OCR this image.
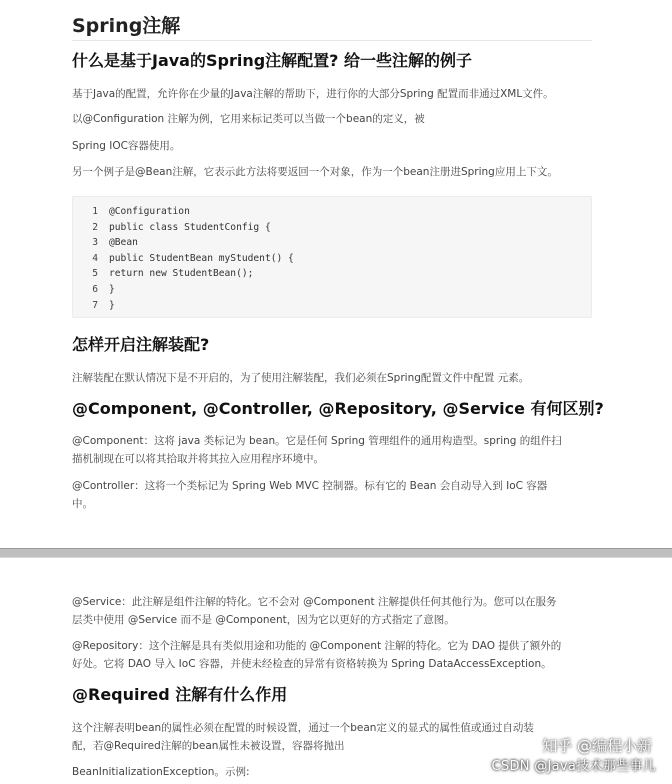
Spring注解
什么是基于Java的Spring注解配置? 给一些注解的例子
基于Java的配置，允许你在少量的Java注解的帮助下，进行你的大部分Spring 配置而非通过XML文件。
以@Configuration 注解为例，它用来标记类可以当做一个bean的定义，被
Spring IOC容器使用。
另一个例子是@Bean注解，它表示此方法将要返回一个对象，作为一个bean注册进Spring应用上下文。
1	@Configuration
2	public class StudentConfig {
3	@Bean
4	public StudentBean myStudent() {
5	return new StudentBean();
6	}
7	}
怎样开启注解装配?
注解装配在默认情况下是不开启的，为了使用注解装配，我们必须在Spring配置文件中配置 元素。
@Component, @Controller, @Repository, @Service 有何区别?
@Component：这将 java 类标记为 bean。它是任何 Spring 管理组件的通用构造型。spring 的组件扫
描机制现在可以将其拾取并将其拉入应用程序环境中。
@Controller：这将一个类标记为 Spring Web MVC 控制器。标有它的 Bean 会自动导入到 IoC 容器
中。
@Service：此注解是组件注解的特化。它不会对 @Component 注解提供任何其他行为。您可以在服务
层类中使用 @Service 而不是 @Component，因为它以更好的方式指定了意图。
@Repository：这个注解是具有类似用途和功能的 @Component 注解的特化。它为 DAO 提供了额外的
好处。它将 DAO 导入 IoC 容器，并使未经检查的异常有资格转换为 Spring DataAccessException。
@Required 注解有什么作用
这个注解表明bean的属性必须在配置的时候设置，通过一个bean定义的显式的属性值或通过自动装
配，若@Required注解的bean属性未被设置，容器将抛出
BeanInitializationException。示例:
知乎 @编程小新
CSDN @Java技术那些事儿
